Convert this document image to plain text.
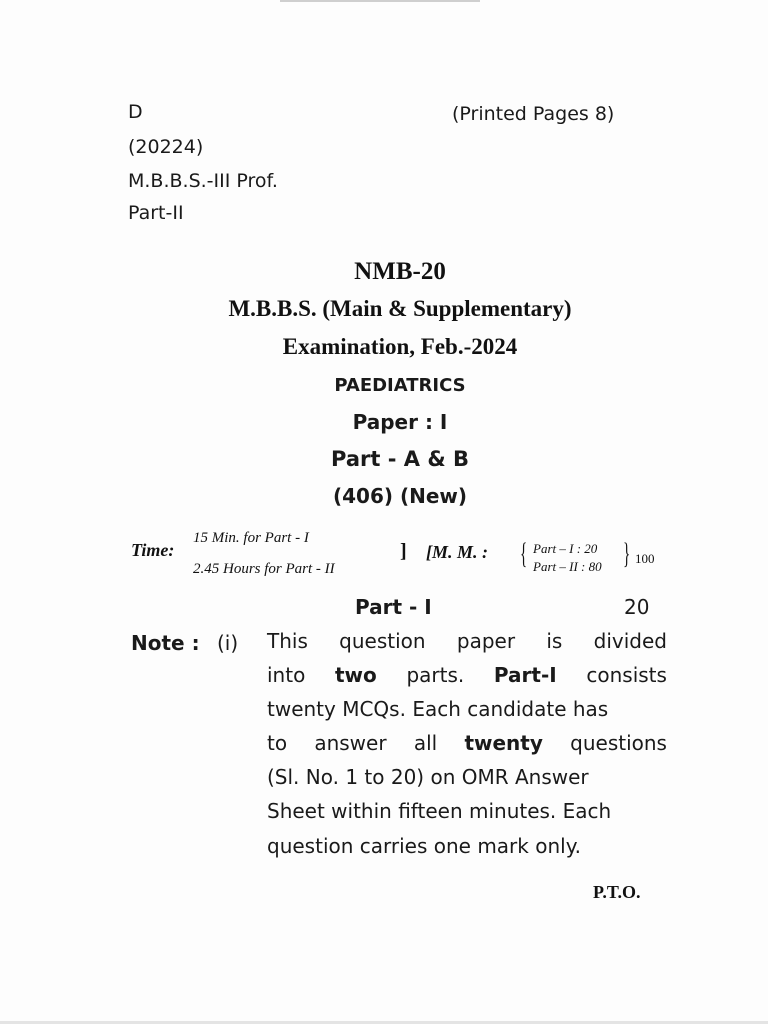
D	(Printed Pages 8)
(20224)
M.B.B.S.-III Prof.
Part-II
NMB-20
M.B.B.S. (Main & Supplementary)
Examination, Feb.-2024
PAEDIATRICS
Paper : I
Part - A & B
(406) (New)
Time:
15 Min. for Part - I
2.45 Hours for Part - II
] [M. M. : { Part – I : 20
Part – II : 80 } 100
Part - I	20
Note : (i) This question paper is divided
into two parts. Part-I consists
twenty MCQs. Each candidate has
to answer all twenty questions
(Sl. No. 1 to 20) on OMR Answer
Sheet within fifteen minutes. Each
question carries one mark only.
P.T.O.
